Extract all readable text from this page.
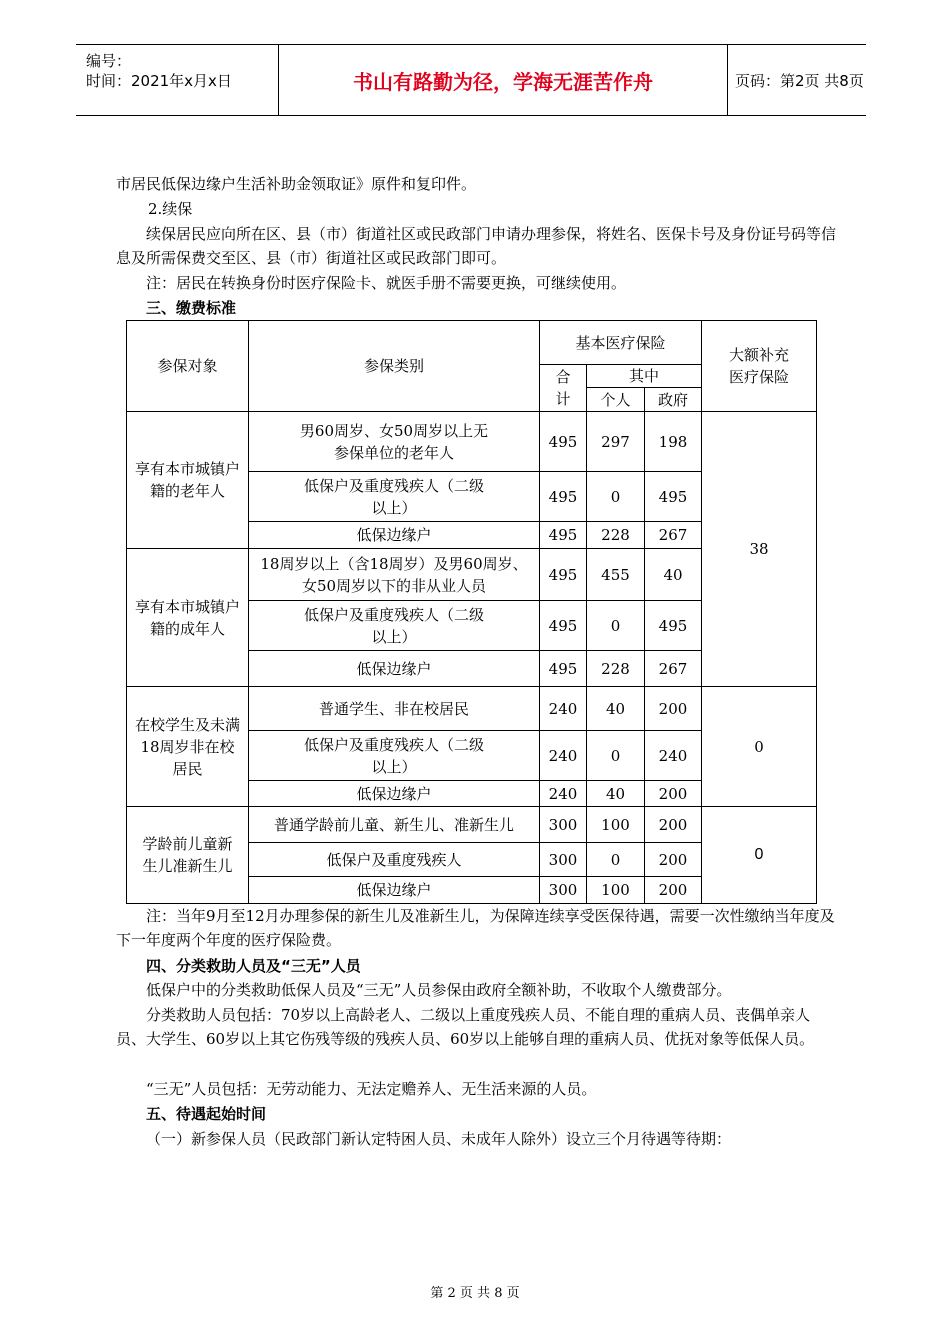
编号：
时间：2021年x月x日	书山有路勤为径，学海无涯苦作舟	页码：第2页 共8页
市居民低保边缘户生活补助金领取证》原件和复印件。
2.续保
续保居民应向所在区、县（市）街道社区或民政部门申请办理参保，将姓名、医保卡号及身份证号码等信息及所需保费交至区、县（市）街道社区或民政部门即可。
注：居民在转换身份时医疗保险卡、就医手册不需要更换，可继续使用。
三、缴费标准
参保对象	参保类别	基本医疗保险			大额补充医疗保险
		合计	其中		
			个人	政府	
享有本市城镇户籍的老年人	男60周岁、女50周岁以上无参保单位的老年人	495	297	198	38
	低保户及重度残疾人（二级以上）	495	0	495	
	低保边缘户	495	228	267	
享有本市城镇户籍的成年人	18周岁以上（含18周岁）及男60周岁、女50周岁以下的非从业人员	495	455	40	
	低保户及重度残疾人（二级以上）	495	0	495	
	低保边缘户	495	228	267	
在校学生及未满18周岁非在校居民	普通学生、非在校居民	240	40	200	0
	低保户及重度残疾人（二级以上）	240	0	240	
	低保边缘户	240	40	200	
学龄前儿童新生儿准新生儿	普通学龄前儿童、新生儿、准新生儿	300	100	200	0
	低保户及重度残疾人	300	0	200	
	低保边缘户	300	100	200	
注：当年9月至12月办理参保的新生儿及准新生儿，为保障连续享受医保待遇，需要一次性缴纳当年度及下一年度两个年度的医疗保险费。
四、分类救助人员及“三无”人员
低保户中的分类救助低保人员及“三无”人员参保由政府全额补助，不收取个人缴费部分。
分类救助人员包括：70岁以上高龄老人、二级以上重度残疾人员、不能自理的重病人员、丧偶单亲人员、大学生、60岁以上其它伤残等级的残疾人员、60岁以上能够自理的重病人员、优抚对象等低保人员。
“三无”人员包括：无劳动能力、无法定赡养人、无生活来源的人员。
五、待遇起始时间
（一）新参保人员（民政部门新认定特困人员、未成年人除外）设立三个月待遇等待期：
第 2 页 共 8 页
